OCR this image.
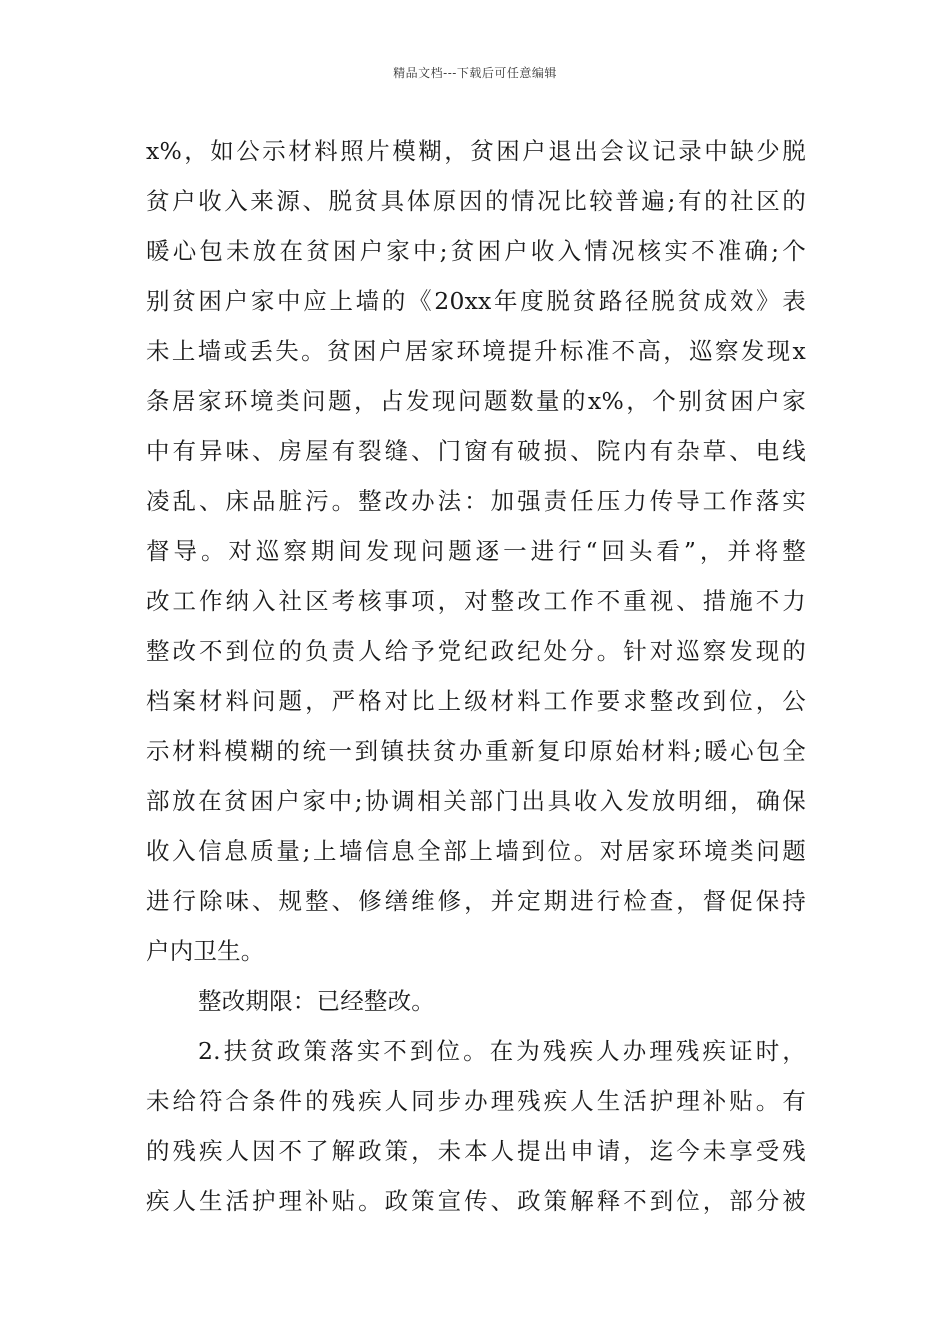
精品文档---下载后可任意编辑
x%，如公示材料照片模糊，贫困户退出会议记录中缺少脱
贫户收入来源、脱贫具体原因的情况比较普遍;有的社区的
暖心包未放在贫困户家中;贫困户收入情况核实不准确;个
别贫困户家中应上墙的《20xx年度脱贫路径脱贫成效》表
未上墙或丢失。贫困户居家环境提升标准不高，巡察发现x
条居家环境类问题，占发现问题数量的x%，个别贫困户家
中有异味、房屋有裂缝、门窗有破损、院内有杂草、电线
凌乱、床品脏污。整改办法：加强责任压力传导工作落实
督导。对巡察期间发现问题逐一进行“回头看”，并将整
改工作纳入社区考核事项，对整改工作不重视、措施不力
整改不到位的负责人给予党纪政纪处分。针对巡察发现的
档案材料问题，严格对比上级材料工作要求整改到位，公
示材料模糊的统一到镇扶贫办重新复印原始材料;暖心包全
部放在贫困户家中;协调相关部门出具收入发放明细，确保
收入信息质量;上墙信息全部上墙到位。对居家环境类问题
进行除味、规整、修缮维修，并定期进行检查，督促保持
户内卫生。
整改期限：已经整改。
2.扶贫政策落实不到位。在为残疾人办理残疾证时，
未给符合条件的残疾人同步办理残疾人生活护理补贴。有
的残疾人因不了解政策，未本人提出申请，迄今未享受残
疾人生活护理补贴。政策宣传、政策解释不到位，部分被
